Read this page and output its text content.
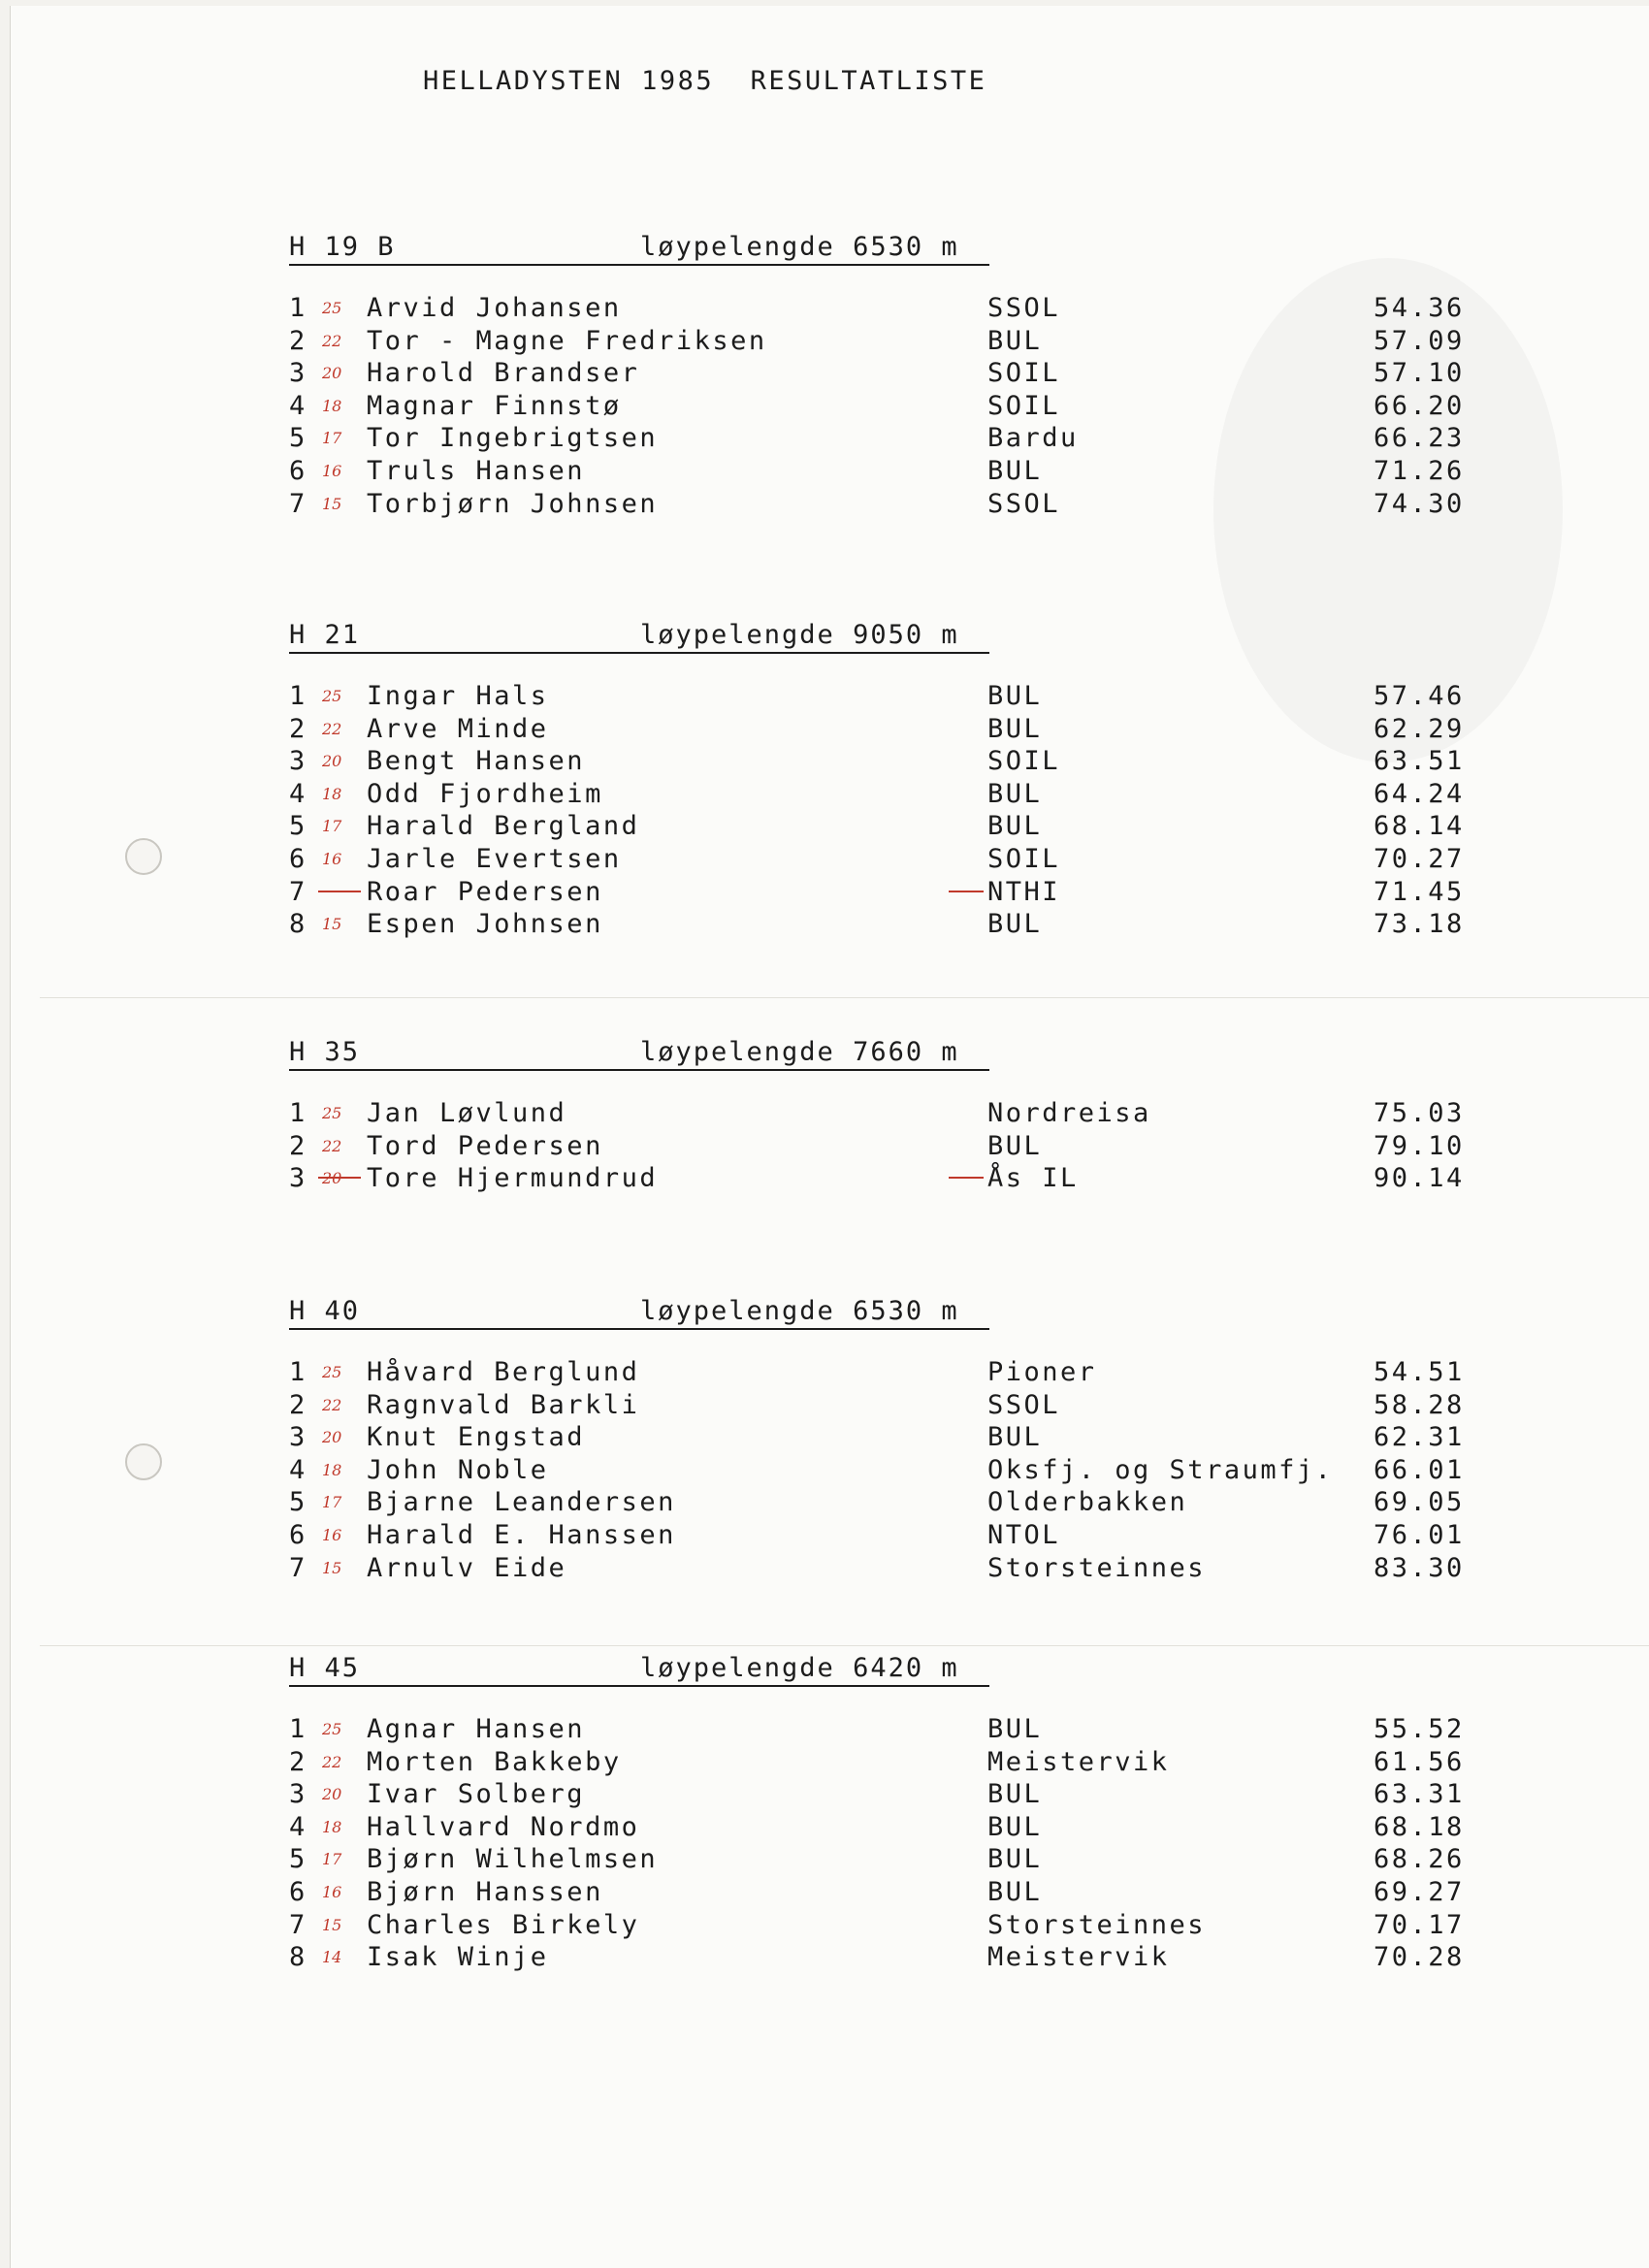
HELLADYSTEN 1985  RESULTATLISTE
H 19 B	løypelengde 6530 m
1 25 Arvid Johansen	SSOL	54.36
2 22 Tor - Magne Fredriksen	BUL	57.09
3 20 Harold Brandser	SOIL	57.10
4 18 Magnar Finnstø	SOIL	66.20
5 17 Tor Ingebrigtsen	Bardu	66.23
6 16 Truls Hansen	BUL	71.26
7 15 Torbjørn Johnsen	SSOL	74.30
H 21	løypelengde 9050 m
1 25 Ingar Hals	BUL	57.46
2 22 Arve Minde	BUL	62.29
3 20 Bengt Hansen	SOIL	63.51
4 18 Odd Fjordheim	BUL	64.24
5 17 Harald Bergland	BUL	68.14
6 16 Jarle Evertsen	SOIL	70.27
7 Roar Pedersen	NTHI	71.45
8 15 Espen Johnsen	BUL	73.18
H 35	løypelengde 7660 m
1 25 Jan Løvlund	Nordreisa	75.03
2 22 Tord Pedersen	BUL	79.10
3 Tore Hjermundrud	Ås IL	90.14
H 40	løypelengde 6530 m
1 25 Håvard Berglund	Pioner	54.51
2 22 Ragnvald Barkli	SSOL	58.28
3 20 Knut Engstad	BUL	62.31
4 18 John Noble	Oksfj. og Straumfj. 66.01
5 17 Bjarne Leandersen	Olderbakken	69.05
6 16 Harald E. Hanssen	NTOL	76.01
7 15 Arnulv Eide	Storsteinnes	83.30
H 45	løypelengde 6420 m
1 25 Agnar Hansen	BUL	55.52
2 22 Morten Bakkeby	Meistervik	61.56
3 20 Ivar Solberg	BUL	63.31
4 18 Hallvard Nordmo	BUL	68.18
5 17 Bjørn Wilhelmsen	BUL	68.26
6 16 Bjørn Hanssen	BUL	69.27
7 15 Charles Birkely	Storsteinnes	70.17
8 14 Isak Winje	Meistervik	70.28
